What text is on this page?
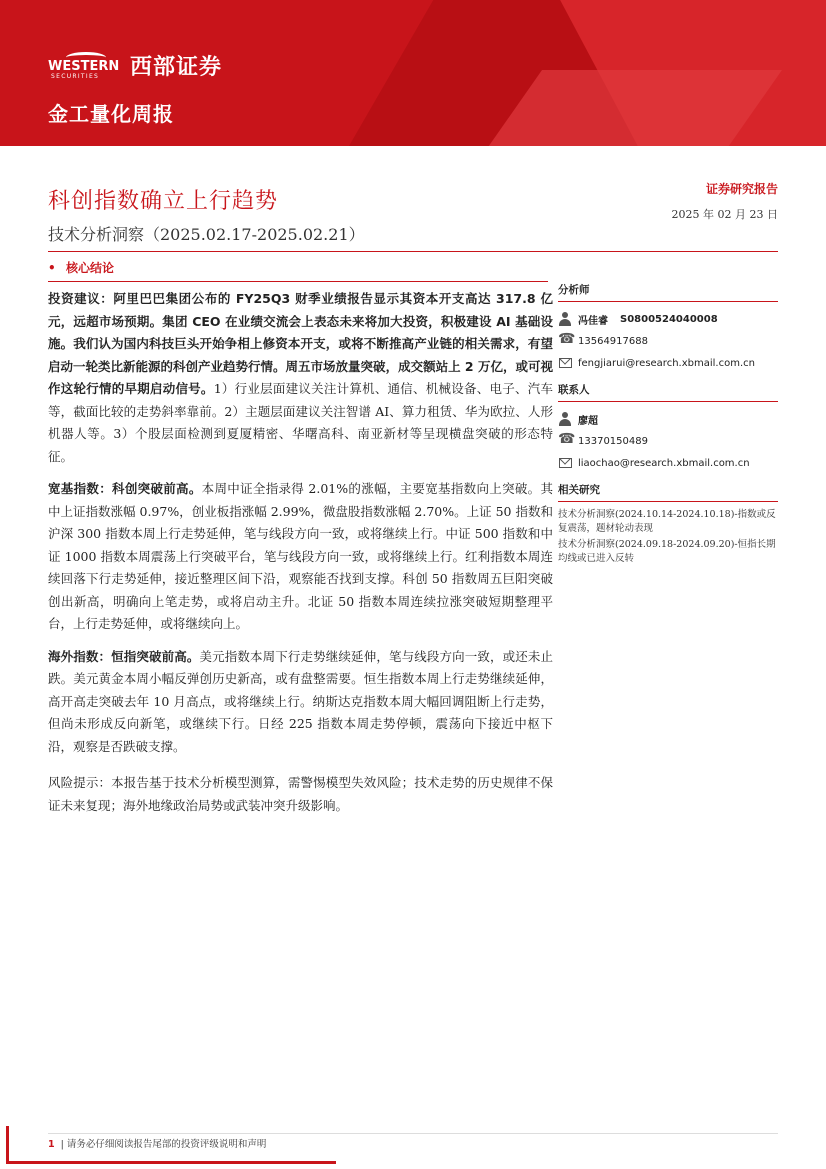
WESTERN
SECURITIES 西部证券
金工量化周报
科创指数确立上行趋势
技术分析洞察（2025.02.17-2025.02.21）
证券研究报告
2025 年 02 月 23 日
• 核心结论

投资建议：阿里巴巴集团公布的 FY25Q3 财季业绩报告显示其资本开支高达 317.8 亿元，远超市场预期。集团 CEO 在业绩交流会上表态未来将加大投资，积极建设 AI 基础设施。我们认为国内科技巨头开始争相上修资本开支，或将不断推高产业链的相关需求，有望启动一轮类比新能源的科创产业趋势行情。周五市场放量突破，成交额站上 2 万亿，或可视作这轮行情的早期启动信号。1）行业层面建议关注计算机、通信、机械设备、电子、汽车等，截面比较的走势斜率靠前。2）主题层面建议关注智谱 AI、算力租赁、华为欧拉、人形机器人等。3）个股层面检测到夏厦精密、华曙高科、南亚新材等呈现横盘突破的形态特征。

宽基指数：科创突破前高。本周中证全指录得 2.01%的涨幅，主要宽基指数向上突破。其中上证指数涨幅 0.97%，创业板指涨幅 2.99%，微盘股指数涨幅 2.70%。上证 50 指数和沪深 300 指数本周上行走势延伸，笔与线段方向一致，或将继续上行。中证 500 指数和中证 1000 指数本周震荡上行突破平台，笔与线段方向一致，或将继续上行。红利指数本周连续回落下行走势延伸，接近整理区间下沿，观察能否找到支撑。科创 50 指数周五巨阳突破创出新高，明确向上笔走势，或将启动主升。北证 50 指数本周连续拉涨突破短期整理平台，上行走势延伸，或将继续向上。

海外指数：恒指突破前高。美元指数本周下行走势继续延伸，笔与线段方向一致，或还未止跌。美元黄金本周小幅反弹创历史新高，或有盘整需要。恒生指数本周上行走势继续延伸，高开高走突破去年 10 月高点，或将继续上行。纳斯达克指数本周大幅回调阻断上行走势，但尚未形成反向新笔，或继续下行。日经 225 指数本周走势停顿，震荡向下接近中枢下沿，观察是否跌破支撑。

风险提示：本报告基于技术分析模型测算，需警惕模型失效风险；技术走势的历史规律不保证未来复现；海外地缘政治局势或武装冲突升级影响。

分析师
冯佳睿 S0800524040008
☎
13564917688
fengjiarui@research.xbmail.com.cn
联系人
廖超
☎
13370150489
liaochao@research.xbmail.com.cn
相关研究
技术分析洞察(2024.10.14-2024.10.18)-指数或反复震荡，题材轮动表现
技术分析洞察(2024.09.18-2024.09.20)-恒指长期均线或已进入反转
1 | 请务必仔细阅读报告尾部的投资评级说明和声明
